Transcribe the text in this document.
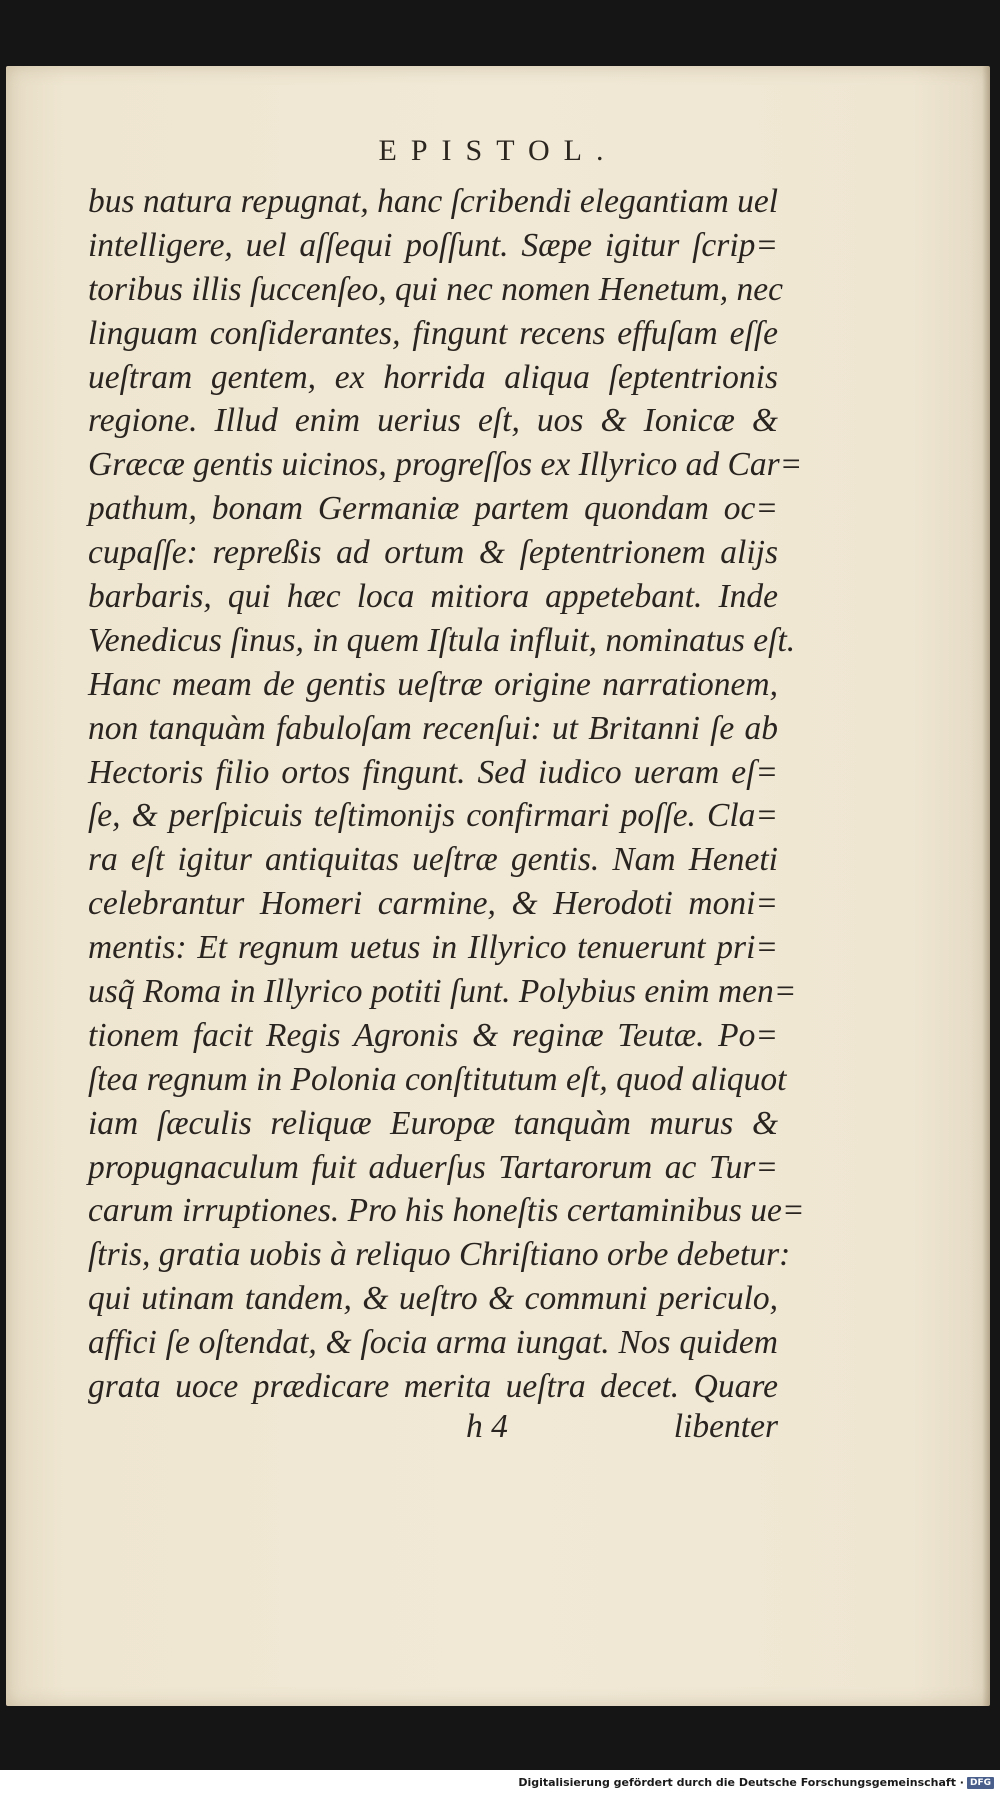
EPISTOL.
bus natura repugnat, hanc ſcribendi elegantiam uel
intelligere, uel aſſequi poſſunt. Sæpe igitur ſcrip=
toribus illis ſuccenſeo, qui nec nomen Henetum, nec
linguam conſiderantes, fingunt recens effuſam eſſe
ueſtram gentem, ex horrida aliqua ſeptentrionis
regione. Illud enim uerius eſt, uos & Ionicæ &
Græcæ gentis uicinos, progreſſos ex Illyrico ad Car=
pathum, bonam Germaniæ partem quondam oc=
cupaſſe: repreßis ad ortum & ſeptentrionem alijs
barbaris, qui hæc loca mitiora appetebant. Inde
Venedicus ſinus, in quem Iſtula influit, nominatus eſt.
Hanc meam de gentis ueſtræ origine narrationem,
non tanquàm fabuloſam recenſui: ut Britanni ſe ab
Hectoris filio ortos fingunt. Sed iudico ueram eſ=
ſe, & perſpicuis teſtimonijs confirmari poſſe. Cla=
ra eſt igitur antiquitas ueſtræ gentis. Nam Heneti
celebrantur Homeri carmine, & Herodoti moni=
mentis: Et regnum uetus in Illyrico tenuerunt pri=
usq̃ Roma in Illyrico potiti ſunt. Polybius enim men=
tionem facit Regis Agronis & reginæ Teutæ. Po=
ſtea regnum in Polonia conſtitutum eſt, quod aliquot
iam ſæculis reliquæ Europæ tanquàm murus &
propugnaculum fuit aduerſus Tartarorum ac Tur=
carum irruptiones. Pro his honeſtis certaminibus ue=
ſtris, gratia uobis à reliquo Chriſtiano orbe debetur:
qui utinam tandem, & ueſtro & communi periculo,
affici ſe oſtendat, & ſocia arma iungat. Nos quidem
grata uoce prædicare merita ueſtra decet. Quare
h 4	libenter
Digitalisierung gefördert durch die Deutsche Forschungsgemeinschaft · DFG
